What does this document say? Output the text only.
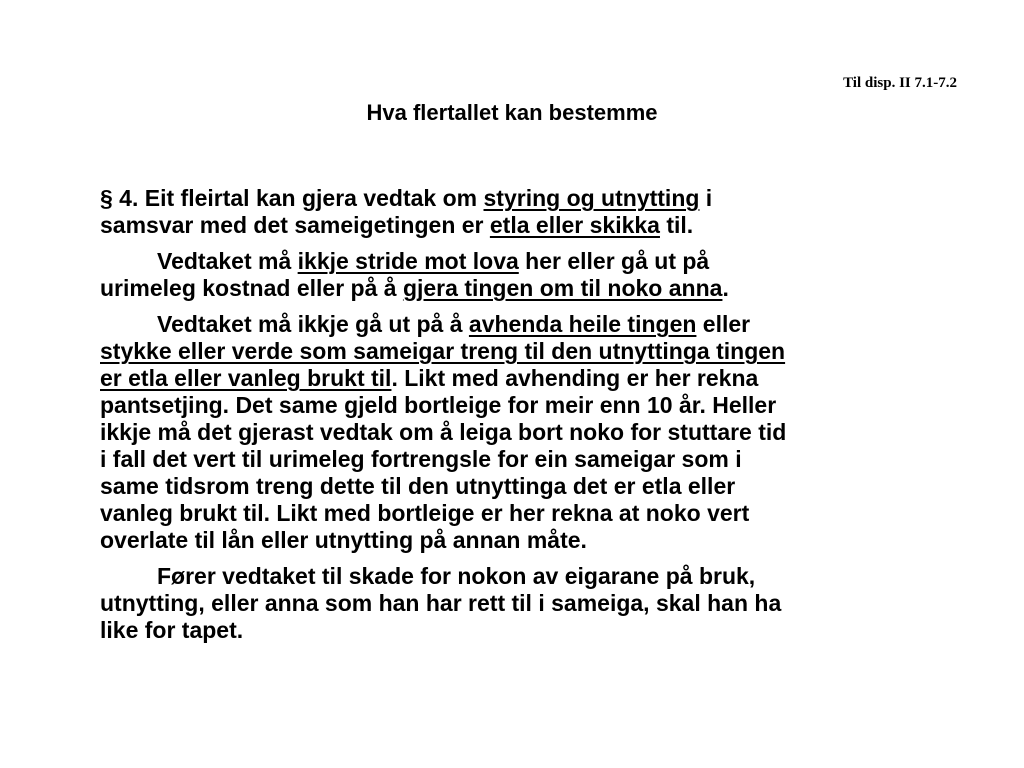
Til disp. II 7.1-7.2

Hva flertallet kan bestemme

§ 4. Eit fleirtal kan gjera vedtak om styring og utnytting i
samsvar med det sameigetingen er etla eller skikka til.

Vedtaket må ikkje stride mot lova her eller gå ut på
urimeleg kostnad eller på å gjera tingen om til noko anna.

Vedtaket må ikkje gå ut på å avhenda heile tingen eller
stykke eller verde som sameigar treng til den utnyttinga tingen
er etla eller vanleg brukt til. Likt med avhending er her rekna
pantsetjing. Det same gjeld bortleige for meir enn 10 år. Heller
ikkje må det gjerast vedtak om å leiga bort noko for stuttare tid
i fall det vert til urimeleg fortrengsle for ein sameigar som i
same tidsrom treng dette til den utnyttinga det er etla eller
vanleg brukt til. Likt med bortleige er her rekna at noko vert
overlate til lån eller utnytting på annan måte.

Fører vedtaket til skade for nokon av eigarane på bruk,
utnytting, eller anna som han har rett til i sameiga, skal han ha
like for tapet.
